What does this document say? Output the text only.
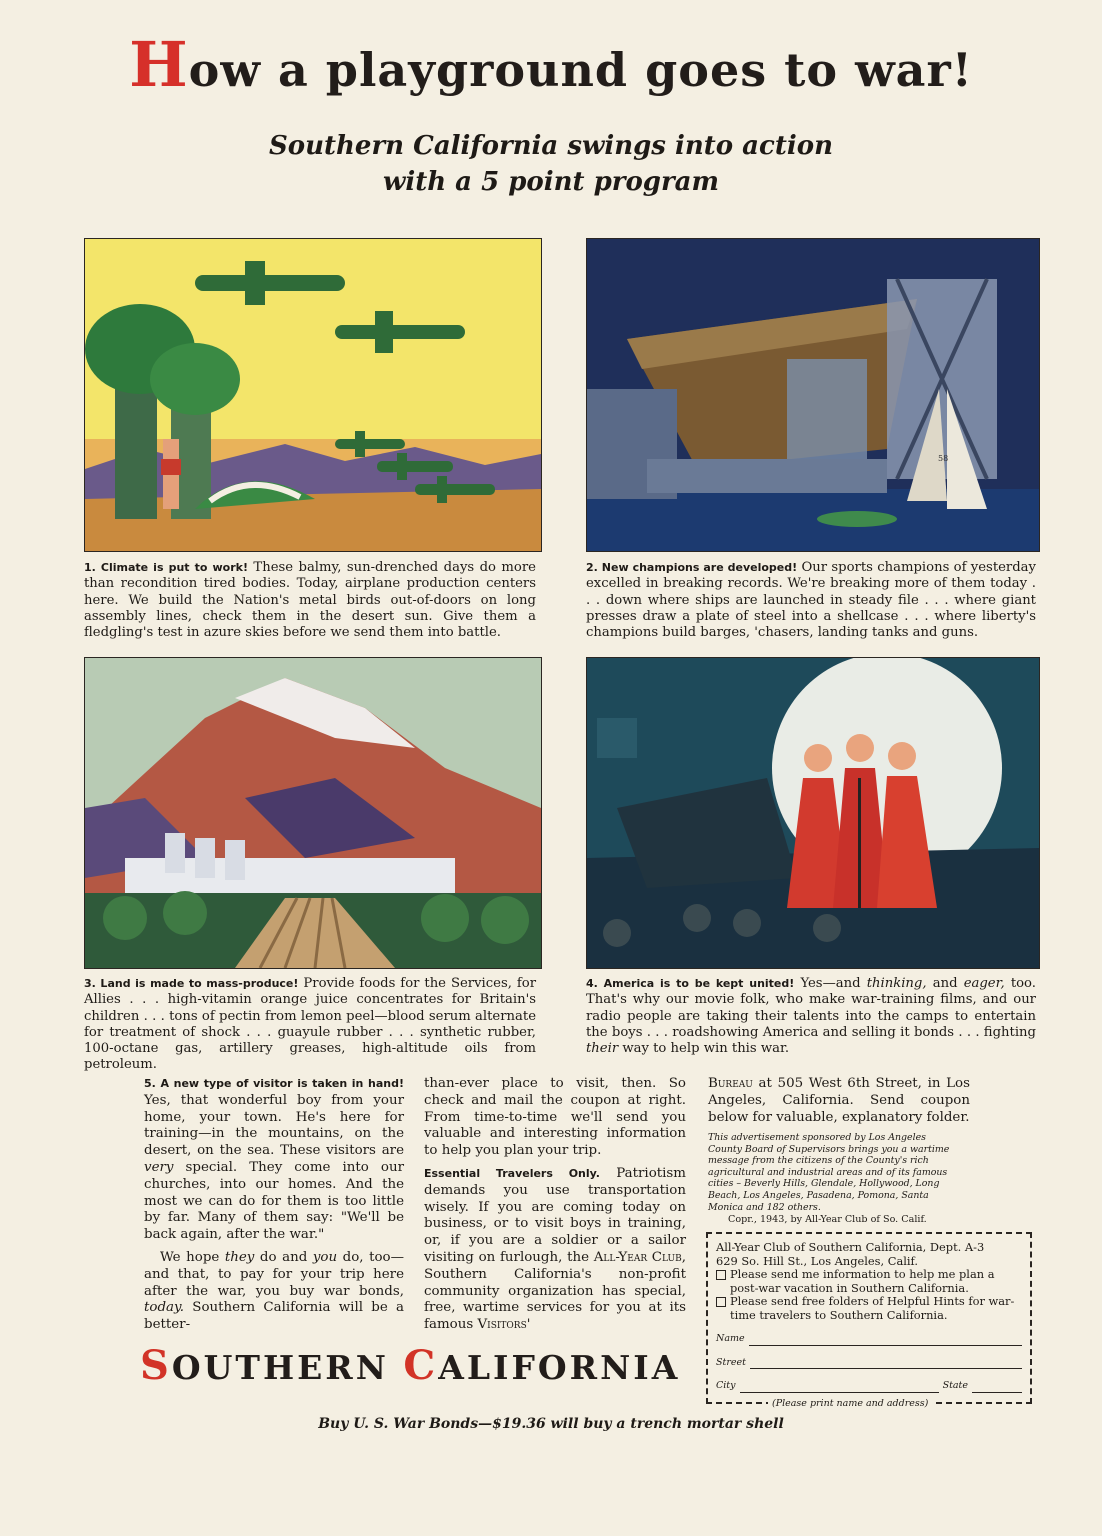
How a playground goes to war!
Southern California swings into action
with a 5 point program
1. Climate is put to work! These balmy, sun-drenched days do more than recondition tired bodies. Today, airplane production centers here. We build the Nation's metal birds out-of-doors on long assembly lines, check them in the desert sun. Give them a fledgling's test in azure skies before we send them into battle.
58
2. New champions are developed! Our sports champions of yesterday excelled in breaking records. We're breaking more of them today . . . down where ships are launched in steady file . . . where giant presses draw a plate of steel into a shellcase . . . where liberty's champions build barges, 'chasers, landing tanks and guns.
3. Land is made to mass-produce! Provide foods for the Services, for Allies . . . high-vitamin orange juice concentrates for Britain's children . . . tons of pectin from lemon peel—blood serum alternate for treatment of shock . . . guayule rubber . . . synthetic rubber, 100-octane gas, artillery greases, high-altitude oils from petroleum.
4. America is to be kept united! Yes—and thinking, and eager, too. That's why our movie folk, who make war-training films, and our radio people are taking their talents into the camps to entertain the boys . . . roadshowing America and selling it bonds . . . fighting their way to help win this war.

5. A new type of visitor is taken in hand! Yes, that wonderful boy from your home, your town. He's here for training—in the mountains, on the desert, on the sea. These visitors are very special. They come into our churches, into our homes. And the most we can do for them is too little by far. Many of them say: "We'll be back again, after the war."

We hope they do and you do, too—and that, to pay for your trip here after the war, you buy war bonds, today. Southern California will be a better-

than-ever place to visit, then. So check and mail the coupon at right. From time-to-time we'll send you valuable and interesting information to help you plan your trip.

Essential Travelers Only. Patriotism demands you use transportation wisely. If you are coming today on business, or to visit boys in training, or, if you are a soldier or a sailor visiting on furlough, the All-Year Club, Southern California's non-profit community organization has special, free, wartime services for you at its famous Visitors'

Bureau at 505 West 6th Street, in Los Angeles, California. Send coupon below for valuable, explanatory folder.

This advertisement sponsored by Los Angeles County Board of Supervisors brings you a wartime message from the citizens of the County's rich agricultural and industrial areas and of its famous cities – Beverly Hills, Glendale, Hollywood, Long Beach, Los Angeles, Pasadena, Pomona, Santa Monica and 182 others.
Copr., 1943, by All-Year Club of So. Calif.
SOUTHERN CALIFORNIA
All-Year Club of Southern California, Dept. A-3
629 So. Hill St., Los Angeles, Calif.
Please send me information to help me plan a post-war vacation in Southern California.
Please send free folders of Helpful Hints for war-time travelers to Southern California.
Name
Street
City	State
(Please print name and address)
Buy U. S. War Bonds—$19.36 will buy a trench mortar shell
